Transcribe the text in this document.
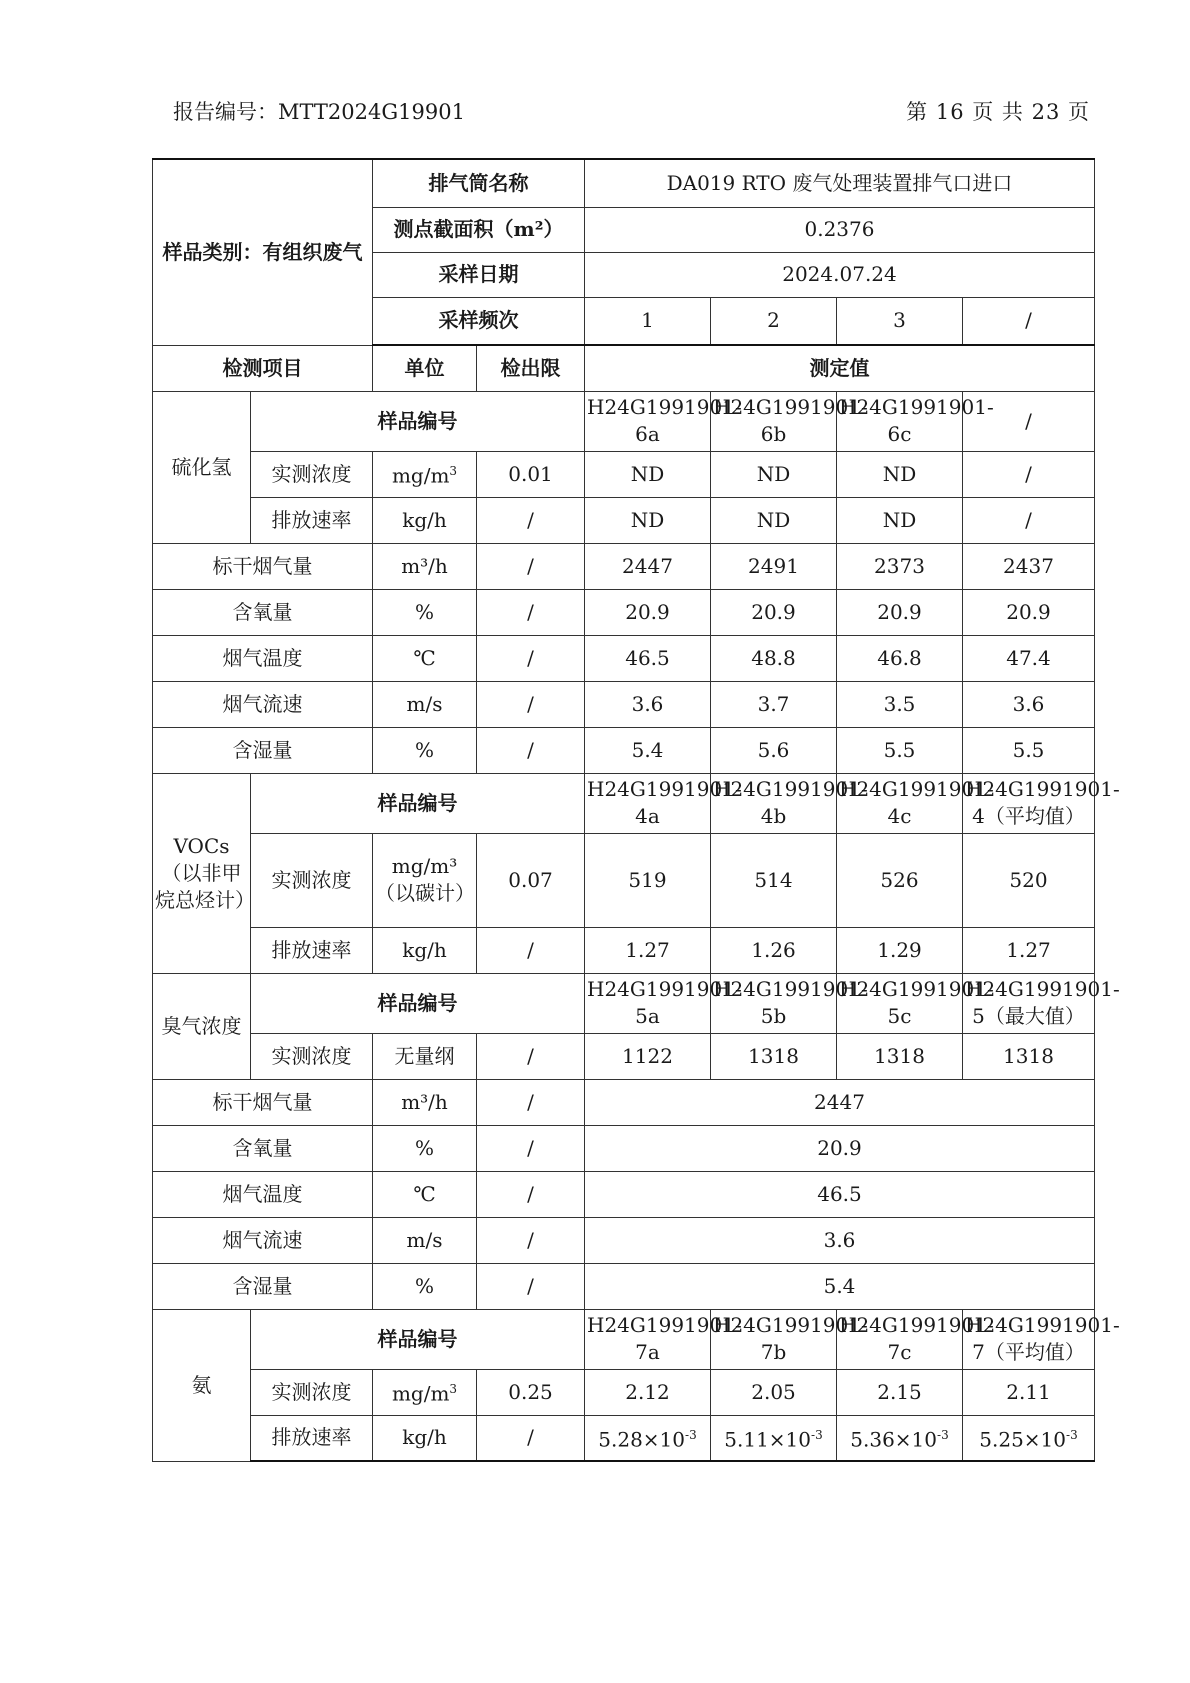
报告编号：MTT2024G19901	第 16 页 共 23 页
样品类别：有组织废气		排气筒名称		DA019 RTO 废气处理装置排气口进口			
		测点截面积（m²）		0.2376			
		采样日期		2024.07.24			
		采样频次		1	2	3	/
检测项目		单位	检出限	测定值			
硫化氢	样品编号			H24G1991901-6a	H24G1991901-6b	H24G1991901-6c	/
	实测浓度	$mg/m^3$	0.01	ND	ND	ND	/
	排放速率	kg/h	/	ND	ND	ND	/
标干烟气量		m³/h	/	2447	2491	2373	2437
含氧量		%	/	20.9	20.9	20.9	20.9
烟气温度		℃	/	46.5	48.8	46.8	47.4
烟气流速		m/s	/	3.6	3.7	3.5	3.6
含湿量		%	/	5.4	5.6	5.5	5.5
VOCs（以非甲烷总烃计）	样品编号			H24G1991901-4a	H24G1991901-4b	H24G1991901-4c	H24G1991901-4（平均值）
	实测浓度	mg/m³（以碳计）	0.07	519	514	526	520
	排放速率	kg/h	/	1.27	1.26	1.29	1.27
臭气浓度	样品编号			H24G1991901-5a	H24G1991901-5b	H24G1991901-5c	H24G1991901-5（最大值）
	实测浓度	无量纲	/	1122	1318	1318	1318
标干烟气量		m³/h	/	2447			
含氧量		%	/	20.9			
烟气温度		℃	/	46.5			
烟气流速		m/s	/	3.6			
含湿量		%	/	5.4			
氨	样品编号			H24G1991901-7a	H24G1991901-7b	H24G1991901-7c	H24G1991901-7（平均值）
	实测浓度	$mg/m^3$	0.25	2.12	2.05	2.15	2.11
	排放速率	kg/h	/	$5.28\times 10^{-3}$	$5.11\times 10^{-3}$	$5.36\times 10^{-3}$	$5.25\times 10^{-3}$
